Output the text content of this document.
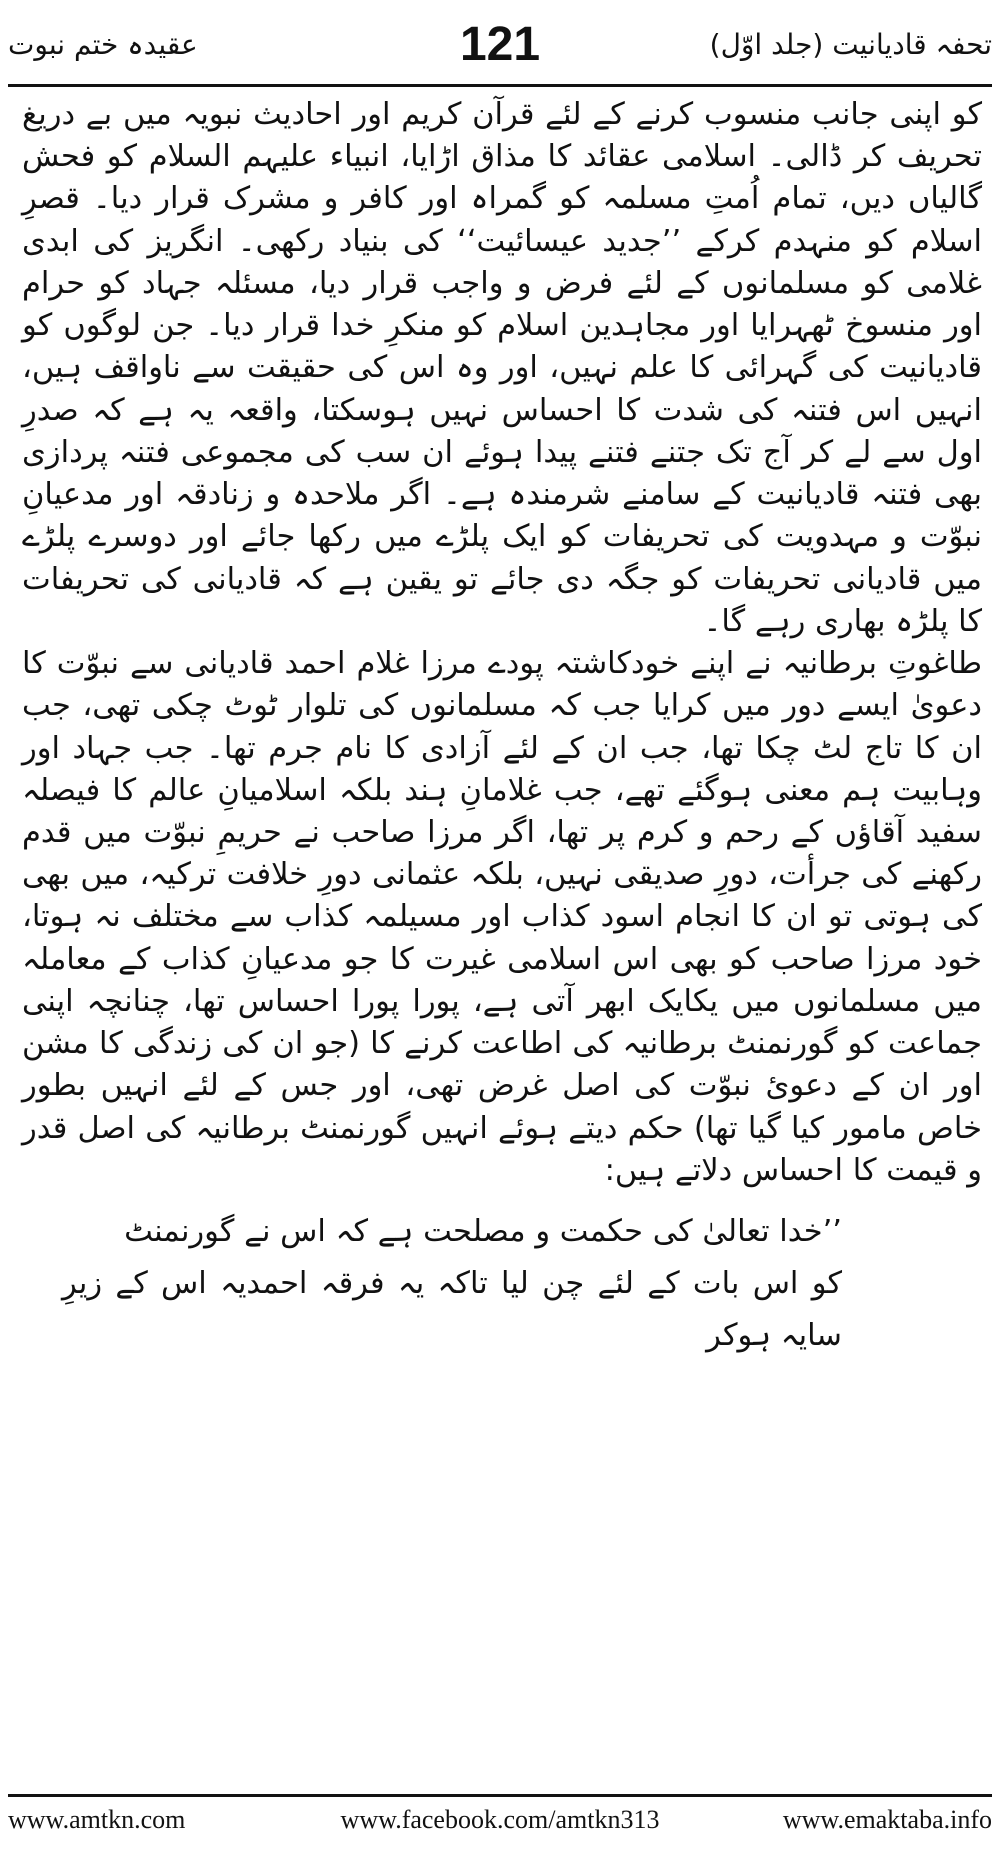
عقیدہ ختم نبوت	121	تحفہ قادیانیت (جلد اوّل)

کو اپنی جانب منسوب کرنے کے لئے قرآن کریم اور احادیث نبویہ میں بے دریغ تحریف کر ڈالی۔ اسلامی عقائد کا مذاق اڑایا، انبیاء علیہم السلام کو فحش گالیاں دیں، تمام اُمتِ مسلمہ کو گمراہ اور کافر و مشرک قرار دیا۔ قصرِ اسلام کو منہدم کرکے ’’جدید عیسائیت‘‘ کی بنیاد رکھی۔ انگریز کی ابدی غلامی کو مسلمانوں کے لئے فرض و واجب قرار دیا، مسئلہ جہاد کو حرام اور منسوخ ٹھہرایا اور مجاہدین اسلام کو منکرِ خدا قرار دیا۔ جن لوگوں کو قادیانیت کی گہرائی کا علم نہیں، اور وہ اس کی حقیقت سے ناواقف ہیں، انہیں اس فتنہ کی شدت کا احساس نہیں ہوسکتا، واقعہ یہ ہے کہ صدرِ اول سے لے کر آج تک جتنے فتنے پیدا ہوئے ان سب کی مجموعی فتنہ پردازی بھی فتنہ قادیانیت کے سامنے شرمندہ ہے۔ اگر ملاحدہ و زنادقہ اور مدعیانِ نبوّت و مہدویت کی تحریفات کو ایک پلڑے میں رکھا جائے اور دوسرے پلڑے میں قادیانی تحریفات کو جگہ دی جائے تو یقین ہے کہ قادیانی کی تحریفات کا پلڑہ بھاری رہے گا۔

طاغوتِ برطانیہ نے اپنے خودکاشتہ پودے مرزا غلام احمد قادیانی سے نبوّت کا دعویٰ ایسے دور میں کرایا جب کہ مسلمانوں کی تلوار ٹوٹ چکی تھی، جب ان کا تاج لٹ چکا تھا، جب ان کے لئے آزادی کا نام جرم تھا۔ جب جہاد اور وہابیت ہم معنی ہوگئے تھے، جب غلامانِ ہند بلکہ اسلامیانِ عالم کا فیصلہ سفید آقاؤں کے رحم و کرم پر تھا، اگر مرزا صاحب نے حریمِ نبوّت میں قدم رکھنے کی جرأت، دورِ صدیقی نہیں، بلکہ عثمانی دورِ خلافت ترکیہ، میں بھی کی ہوتی تو ان کا انجام اسود کذاب اور مسیلمہ کذاب سے مختلف نہ ہوتا، خود مرزا صاحب کو بھی اس اسلامی غیرت کا جو مدعیانِ کذاب کے معاملہ میں مسلمانوں میں یکایک ابھر آتی ہے، پورا پورا احساس تھا، چنانچہ اپنی جماعت کو گورنمنٹ برطانیہ کی اطاعت کرنے کا (جو ان کی زندگی کا مشن اور ان کے دعویٔ نبوّت کی اصل غرض تھی، اور جس کے لئے انہیں بطور خاص مامور کیا گیا تھا) حکم دیتے ہوئے انہیں گورنمنٹ برطانیہ کی اصل قدر و قیمت کا احساس دلاتے ہیں:

’’خدا تعالیٰ کی حکمت و مصلحت ہے کہ اس نے گورنمنٹ
کو اس بات کے لئے چن لیا تاکہ یہ فرقہ احمدیہ اس کے زیرِ سایہ ہوکر
www.amtkn.com	www.facebook.com/amtkn313	www.emaktaba.info
